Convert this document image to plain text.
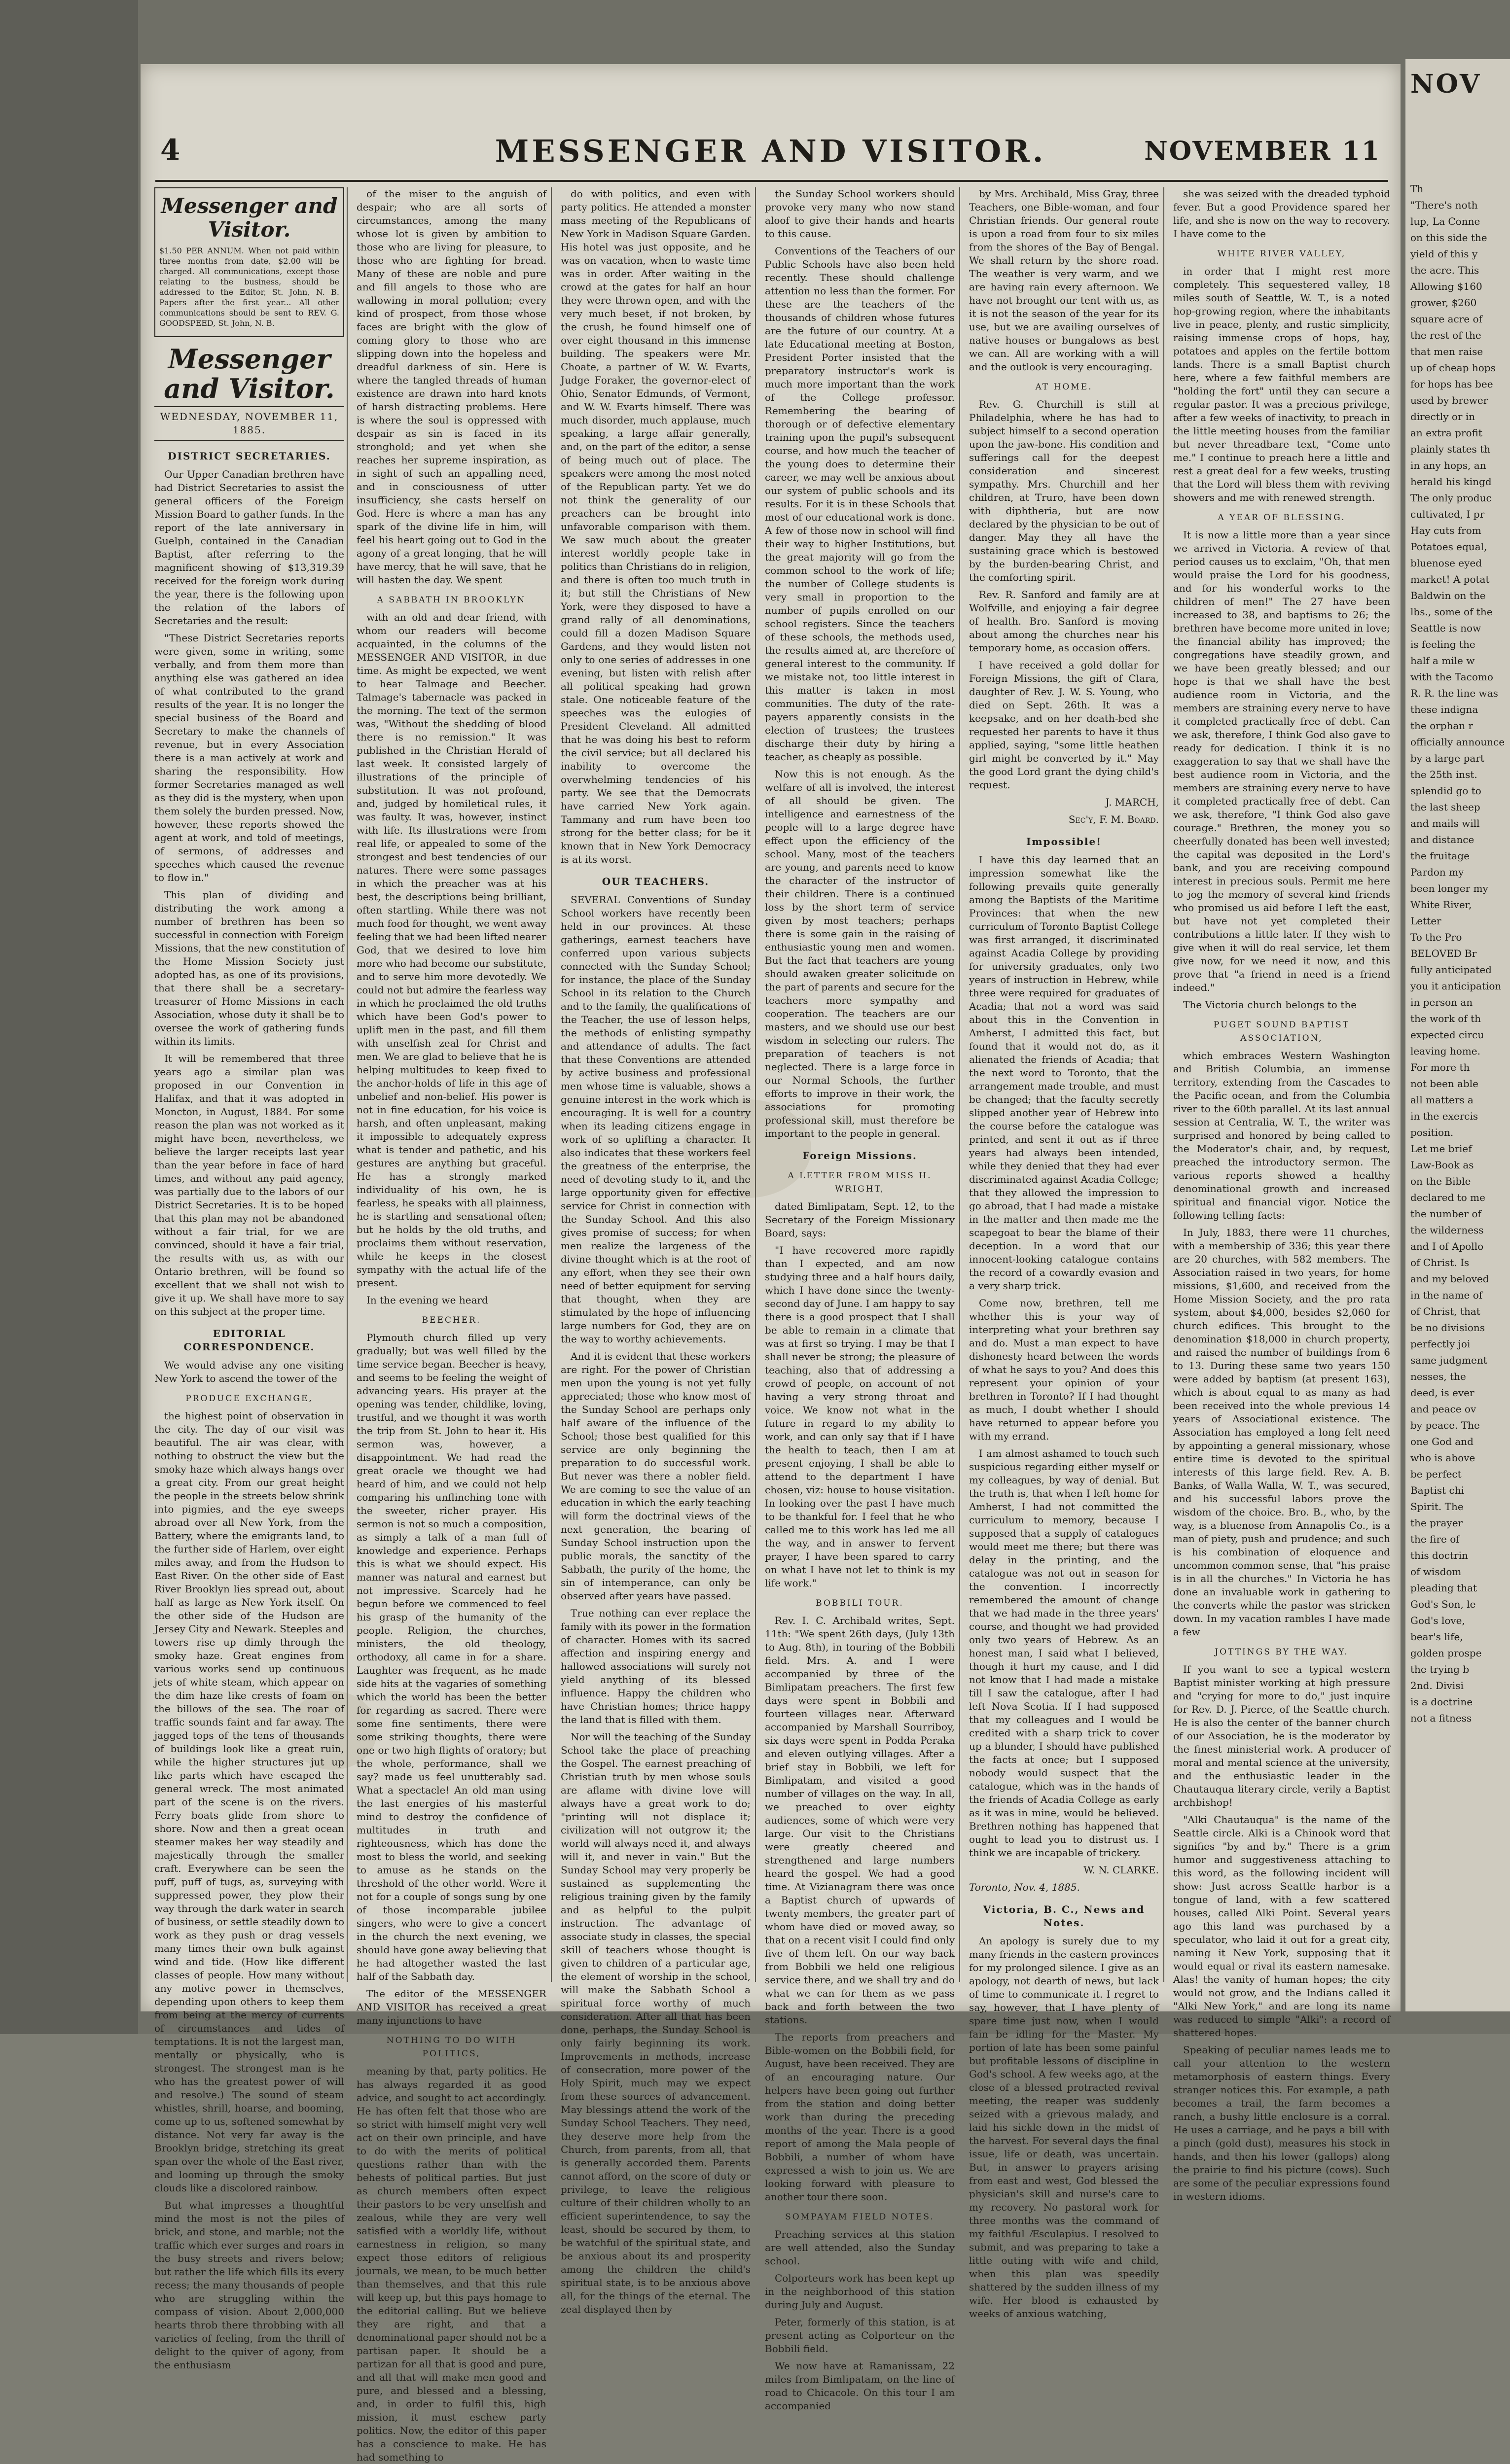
4	MESSENGER AND VISITOR.	NOVEMBER 11
Messenger and Visitor.

$1.50 PER ANNUM. When not paid within three months from date, $2.00 will be charged. All communications, except those relating to the business, should be addressed to the Editor, St. John, N. B. Papers after the first year... All other communications should be sent to REV. G. GOODSPEED, St. John, N. B.

Messenger and Visitor.
WEDNESDAY, NOVEMBER 11, 1885.
DISTRICT SECRETARIES.

Our Upper Canadian brethren have had District Secretaries to assist the general officers of the Foreign Mission Board to gather funds. In the report of the late anniversary in Guelph, contained in the Canadian Baptist, after referring to the magnificent showing of $13,319.39 received for the foreign work during the year, there is the following upon the relation of the labors of Secretaries and the result:

"These District Secretaries reports were given, some in writing, some verbally, and from them more than anything else was gathered an idea of what contributed to the grand results of the year. It is no longer the special business of the Board and Secretary to make the channels of revenue, but in every Association there is a man actively at work and sharing the responsibility. How former Secretaries managed as well as they did is the mystery, when upon them solely the burden pressed. Now, however, these reports showed the agent at work, and told of meetings, of sermons, of addresses and speeches which caused the revenue to flow in."

This plan of dividing and distributing the work among a number of brethren has been so successful in connection with Foreign Missions, that the new constitution of the Home Mission Society just adopted has, as one of its provisions, that there shall be a secretary-treasurer of Home Missions in each Association, whose duty it shall be to oversee the work of gathering funds within its limits.

It will be remembered that three years ago a similar plan was proposed in our Convention in Halifax, and that it was adopted in Moncton, in August, 1884. For some reason the plan was not worked as it might have been, nevertheless, we believe the larger receipts last year than the year before in face of hard times, and without any paid agency, was partially due to the labors of our District Secretaries. It is to be hoped that this plan may not be abandoned without a fair trial, for we are convinced, should it have a fair trial, the results with us, as with our Ontario brethren, will be found so excellent that we shall not wish to give it up. We shall have more to say on this subject at the proper time.

EDITORIAL CORRESPONDENCE.

We would advise any one visiting New York to ascend the tower of the

PRODUCE EXCHANGE,

the highest point of observation in the city. The day of our visit was beautiful. The air was clear, with nothing to obstruct the view but the smoky haze which always hangs over a great city. From our great height the people in the streets below shrink into pigmies, and the eye sweeps abroad over all New York, from the Battery, where the emigrants land, to the further side of Harlem, over eight miles away, and from the Hudson to East River. On the other side of East River Brooklyn lies spread out, about half as large as New York itself. On the other side of the Hudson are Jersey City and Newark. Steeples and towers rise up dimly through the smoky haze. Great engines from various works send up continuous jets of white steam, which appear on the dim haze like crests of foam on the billows of the sea. The roar of traffic sounds faint and far away. The jagged tops of the tens of thousands of buildings look like a great ruin, while the higher structures jut up like parts which have escaped the general wreck. The most animated part of the scene is on the rivers. Ferry boats glide from shore to shore. Now and then a great ocean steamer makes her way steadily and majestically through the smaller craft. Everywhere can be seen the puff, puff of tugs, as, surveying with suppressed power, they plow their way through the dark water in search of business, or settle steadily down to work as they push or drag vessels many times their own bulk against wind and tide. (How like different classes of people. How many without any motive power in themselves, depending upon others to keep them from being at the mercy of currents of circumstances and tides of temptations. It is not the largest man, mentally or physically, who is strongest. The strongest man is he who has the greatest power of will and resolve.) The sound of steam whistles, shrill, hoarse, and booming, come up to us, softened somewhat by distance. Not very far away is the Brooklyn bridge, stretching its great span over the whole of the East river, and looming up through the smoky clouds like a discolored rainbow.

But what impresses a thoughtful mind the most is not the piles of brick, and stone, and marble; not the traffic which ever surges and roars in the busy streets and rivers below; but rather the life which fills its every recess; the many thousands of people who are struggling within the compass of vision. About 2,000,000 hearts throb there throbbing with all varieties of feeling, from the thrill of delight to the quiver of agony, from the enthusiasm

of the miser to the anguish of despair; who are all sorts of circumstances, among the many whose lot is given by ambition to those who are living for pleasure, to those who are fighting for bread. Many of these are noble and pure and fill angels to those who are wallowing in moral pollution; every kind of prospect, from those whose faces are bright with the glow of coming glory to those who are slipping down into the hopeless and dreadful darkness of sin. Here is where the tangled threads of human existence are drawn into hard knots of harsh distracting problems. Here is where the soul is oppressed with despair as sin is faced in its stronghold; and yet when she reaches her supreme inspiration, as in sight of such an appalling need, and in consciousness of utter insufficiency, she casts herself on God. Here is where a man has any spark of the divine life in him, will feel his heart going out to God in the agony of a great longing, that he will have mercy, that he will save, that he will hasten the day. We spent

A SABBATH IN BROOKLYN

with an old and dear friend, with whom our readers will become acquainted, in the columns of the MESSENGER AND VISITOR, in due time. As might be expected, we went to hear Talmage and Beecher. Talmage's tabernacle was packed in the morning. The text of the sermon was, "Without the shedding of blood there is no remission." It was published in the Christian Herald of last week. It consisted largely of illustrations of the principle of substitution. It was not profound, and, judged by homiletical rules, it was faulty. It was, however, instinct with life. Its illustrations were from real life, or appealed to some of the strongest and best tendencies of our natures. There were some passages in which the preacher was at his best, the descriptions being brilliant, often startling. While there was not much food for thought, we went away feeling that we had been lifted nearer God, that we desired to love him more who had become our substitute, and to serve him more devotedly. We could not but admire the fearless way in which he proclaimed the old truths which have been God's power to uplift men in the past, and fill them with unselfish zeal for Christ and men. We are glad to believe that he is helping multitudes to keep fixed to the anchor-holds of life in this age of unbelief and non-belief. His power is not in fine education, for his voice is harsh, and often unpleasant, making it impossible to adequately express what is tender and pathetic, and his gestures are anything but graceful. He has a strongly marked individuality of his own, he is fearless, he speaks with all plainness, he is startling and sensational often; but he holds by the old truths, and proclaims them without reservation, while he keeps in the closest sympathy with the actual life of the present.

In the evening we heard

BEECHER.

Plymouth church filled up very gradually; but was well filled by the time service began. Beecher is heavy, and seems to be feeling the weight of advancing years. His prayer at the opening was tender, childlike, loving, trustful, and we thought it was worth the trip from St. John to hear it. His sermon was, however, a disappointment. We had read the great oracle we thought we had heard of him, and we could not help comparing his unflinching tone with the sweeter, richer prayer. His sermon is not so much a composition, as simply a talk of a man full of knowledge and experience. Perhaps this is what we should expect. His manner was natural and earnest but not impressive. Scarcely had he begun before we commenced to feel his grasp of the humanity of the people. Religion, the churches, ministers, the old theology, orthodoxy, all came in for a share. Laughter was frequent, as he made side hits at the vagaries of something which the world has been the better for regarding as sacred. There were some fine sentiments, there were some striking thoughts, there were one or two high flights of oratory; but the whole, performance, shall we say? made us feel unutterably sad. What a spectacle! An old man using the last energies of his masterful mind to destroy the confidence of multitudes in truth and righteousness, which has done the most to bless the world, and seeking to amuse as he stands on the threshold of the other world. Were it not for a couple of songs sung by one of those incomparable jubilee singers, who were to give a concert in the church the next evening, we should have gone away believing that he had altogether wasted the last half of the Sabbath day.

The editor of the MESSENGER AND VISITOR has received a great many injunctions to have

NOTHING TO DO WITH POLITICS,

meaning by that, party politics. He has always regarded it as good advice, and sought to act accordingly. He has often felt that those who are so strict with himself might very well act on their own principle, and have to do with the merits of political questions rather than with the behests of political parties. But just as church members often expect their pastors to be very unselfish and zealous, while they are very well satisfied with a worldly life, without earnestness in religion, so many expect those editors of religious journals, we mean, to be much better than themselves, and that this rule will keep up, but this pays homage to the editorial calling. But we believe they are right, and that a denominational paper should not be a partisan paper. It should be a partizan for all that is good and pure, and all that will make men good and pure, and blessed and a blessing, and, in order to fulfil this, high mission, it must eschew party politics. Now, the editor of this paper has a conscience to make. He has had something to

do with politics, and even with party politics. He attended a monster mass meeting of the Republicans of New York in Madison Square Garden. His hotel was just opposite, and he was on vacation, when to waste time was in order. After waiting in the crowd at the gates for half an hour they were thrown open, and with the very much beset, if not broken, by the crush, he found himself one of over eight thousand in this immense building. The speakers were Mr. Choate, a partner of W. W. Evarts, Judge Foraker, the governor-elect of Ohio, Senator Edmunds, of Vermont, and W. W. Evarts himself. There was much disorder, much applause, much speaking, a large affair generally, and, on the part of the editor, a sense of being much out of place. The speakers were among the most noted of the Republican party. Yet we do not think the generality of our preachers can be brought into unfavorable comparison with them. We saw much about the greater interest worldly people take in politics than Christians do in religion, and there is often too much truth in it; but still the Christians of New York, were they disposed to have a grand rally of all denominations, could fill a dozen Madison Square Gardens, and they would listen not only to one series of addresses in one evening, but listen with relish after all political speaking had grown stale. One noticeable feature of the speeches was the eulogies of President Cleveland. All admitted that he was doing his best to reform the civil service; but all declared his inability to overcome the overwhelming tendencies of his party. We see that the Democrats have carried New York again. Tammany and rum have been too strong for the better class; for be it known that in New York Democracy is at its worst.

OUR TEACHERS.

SEVERAL Conventions of Sunday School workers have recently been held in our provinces. At these gatherings, earnest teachers have conferred upon various subjects connected with the Sunday School; for instance, the place of the Sunday School in its relation to the Church and to the family, the qualifications of the Teacher, the use of lesson helps, the methods of enlisting sympathy and attendance of adults. The fact that these Conventions are attended by active business and professional men whose time is valuable, shows a genuine interest in the work which is encouraging. It is well for a country when its leading citizens engage in work of so uplifting a character. It also indicates that these workers feel the greatness of the enterprise, the need of devoting study to it, and the large opportunity given for effective service for Christ in connection with the Sunday School. And this also gives promise of success; for when men realize the largeness of the divine thought which is at the root of any effort, when they see their own need of better equipment for serving that thought, when they are stimulated by the hope of influencing large numbers for God, they are on the way to worthy achievements.

And it is evident that these workers are right. For the power of Christian men upon the young is not yet fully appreciated; those who know most of the Sunday School are perhaps only half aware of the influence of the School; those best qualified for this service are only beginning the preparation to do successful work. But never was there a nobler field. We are coming to see the value of an education in which the early teaching will form the doctrinal views of the next generation, the bearing of Sunday School instruction upon the public morals, the sanctity of the Sabbath, the purity of the home, the sin of intemperance, can only be observed after years have passed.

True nothing can ever replace the family with its power in the formation of character. Homes with its sacred affection and inspiring energy and hallowed associations will surely not yield anything of its blessed influence. Happy the children who have Christian homes; thrice happy the land that is filled with them.

Nor will the teaching of the Sunday School take the place of preaching the Gospel. The earnest preaching of Christian truth by men whose souls are aflame with divine love will always have a great work to do; "printing will not displace it; civilization will not outgrow it; the world will always need it, and always will it, and never in vain." But the Sunday School may very properly be sustained as supplementing the religious training given by the family and as helpful to the pulpit instruction. The advantage of associate study in classes, the special skill of teachers whose thought is given to children of a particular age, the element of worship in the school, will make the Sabbath School a spiritual force worthy of much consideration. After all that has been done, perhaps, the Sunday School is only fairly beginning its work. Improvements in methods, increase of consecration, more power of the Holy Spirit, much may we expect from these sources of advancement. May blessings attend the work of the Sunday School Teachers. They need, they deserve more help from the Church, from parents, from all, that is generally accorded them. Parents cannot afford, on the score of duty or privilege, to leave the religious culture of their children wholly to an efficient superintendence, to say the least, should be secured by them, to be watchful of the spiritual state, and be anxious about its and prosperity among the children the child's spiritual state, is to be anxious above all, for the things of the eternal. The zeal displayed then by

the Sunday School workers should provoke very many who now stand aloof to give their hands and hearts to this cause.

Conventions of the Teachers of our Public Schools have also been held recently. These should challenge attention no less than the former. For these are the teachers of the thousands of children whose futures are the future of our country. At a late Educational meeting at Boston, President Porter insisted that the preparatory instructor's work is much more important than the work of the College professor. Remembering the bearing of thorough or of defective elementary training upon the pupil's subsequent course, and how much the teacher of the young does to determine their career, we may well be anxious about our system of public schools and its results. For it is in these Schools that most of our educational work is done. A few of those now in school will find their way to higher Institutions, but the great majority will go from the common school to the work of life; the number of College students is very small in proportion to the number of pupils enrolled on our school registers. Since the teachers of these schools, the methods used, the results aimed at, are therefore of general interest to the community. If we mistake not, too little interest in this matter is taken in most communities. The duty of the rate-payers apparently consists in the election of trustees; the trustees discharge their duty by hiring a teacher, as cheaply as possible.

Now this is not enough. As the welfare of all is involved, the interest of all should be given. The intelligence and earnestness of the people will to a large degree have effect upon the efficiency of the school. Many, most of the teachers are young, and parents need to know the character of the instructor of their children. There is a continued loss by the short term of service given by most teachers; perhaps there is some gain in the raising of enthusiastic young men and women. But the fact that teachers are young should awaken greater solicitude on the part of parents and secure for the teachers more sympathy and cooperation. The teachers are our masters, and we should use our best wisdom in selecting our rulers. The preparation of teachers is not neglected. There is a large force in our Normal Schools, the further efforts to improve in their work, the associations for promoting professional skill, must therefore be important to the people in general.

Foreign Missions.
A LETTER FROM MISS H. WRIGHT,

dated Bimlipatam, Sept. 12, to the Secretary of the Foreign Missionary Board, says:

"I have recovered more rapidly than I expected, and am now studying three and a half hours daily, which I have done since the twenty-second day of June. I am happy to say there is a good prospect that I shall be able to remain in a climate that was at first so trying. I may be that I shall never be strong; the pleasure of teaching, also that of addressing a crowd of people, on account of not having a very strong throat and voice. We know not what in the future in regard to my ability to work, and can only say that if I have the health to teach, then I am at present enjoying, I shall be able to attend to the department I have chosen, viz: house to house visitation. In looking over the past I have much to be thankful for. I feel that he who called me to this work has led me all the way, and in answer to fervent prayer, I have been spared to carry on what I have not let to think is my life work."

BOBBILI TOUR.

Rev. I. C. Archibald writes, Sept. 11th: "We spent 26th days, (July 13th to Aug. 8th), in touring of the Bobbili field. Mrs. A. and I were accompanied by three of the Bimlipatam preachers. The first few days were spent in Bobbili and fourteen villages near. Afterward accompanied by Marshall Sourriboy, six days were spent in Podda Peraka and eleven outlying villages. After a brief stay in Bobbili, we left for Bimlipatam, and visited a good number of villages on the way. In all, we preached to over eighty audiences, some of which were very large. Our visit to the Christians were greatly cheered and strengthened and large numbers heard the gospel. We had a good time. At Vizianagram there was once a Baptist church of upwards of twenty members, the greater part of whom have died or moved away, so that on a recent visit I could find only five of them left. On our way back from Bobbili we held one religious service there, and we shall try and do what we can for them as we pass back and forth between the two stations.

The reports from preachers and Bible-women on the Bobbili field, for August, have been received. They are of an encouraging nature. Our helpers have been going out further from the station and doing better work than during the preceding months of the year. There is a good report of among the Mala people of Bobbili, a number of whom have expressed a wish to join us. We are looking forward with pleasure to another tour there soon.

SOMPAYAM FIELD NOTES.

Preaching services at this station are well attended, also the Sunday school.

Colporteurs work has been kept up in the neighborhood of this station during July and August.

Peter, formerly of this station, is at present acting as Colporteur on the Bobbili field.

We now have at Ramanissam, 22 miles from Bimlipatam, on the line of road to Chicacole. On this tour I am accompanied

by Mrs. Archibald, Miss Gray, three Teachers, one Bible-woman, and four Christian friends. Our general route is upon a road from four to six miles from the shores of the Bay of Bengal. We shall return by the shore road. The weather is very warm, and we are having rain every afternoon. We have not brought our tent with us, as it is not the season of the year for its use, but we are availing ourselves of native houses or bungalows as best we can. All are working with a will and the outlook is very encouraging.

AT HOME.

Rev. G. Churchill is still at Philadelphia, where he has had to subject himself to a second operation upon the jaw-bone. His condition and sufferings call for the deepest consideration and sincerest sympathy. Mrs. Churchill and her children, at Truro, have been down with diphtheria, but are now declared by the physician to be out of danger. May they all have the sustaining grace which is bestowed by the burden-bearing Christ, and the comforting spirit.

Rev. R. Sanford and family are at Wolfville, and enjoying a fair degree of health. Bro. Sanford is moving about among the churches near his temporary home, as occasion offers.

I have received a gold dollar for Foreign Missions, the gift of Clara, daughter of Rev. J. W. S. Young, who died on Sept. 26th. It was a keepsake, and on her death-bed she requested her parents to have it thus applied, saying, "some little heathen girl might be converted by it." May the good Lord grant the dying child's request.

J. MARCH,

Sec'y, F. M. Board.

Impossible!

I have this day learned that an impression somewhat like the following prevails quite generally among the Baptists of the Maritime Provinces: that when the new curriculum of Toronto Baptist College was first arranged, it discriminated against Acadia College by providing for university graduates, only two years of instruction in Hebrew, while three were required for graduates of Acadia; that not a word was said about this in the Convention in Amherst, I admitted this fact, but found that it would not do, as it alienated the friends of Acadia; that the next word to Toronto, that the arrangement made trouble, and must be changed; that the faculty secretly slipped another year of Hebrew into the course before the catalogue was printed, and sent it out as if three years had always been intended, while they denied that they had ever discriminated against Acadia College; that they allowed the impression to go abroad, that I had made a mistake in the matter and then made me the scapegoat to bear the blame of their deception. In a word that our innocent-looking catalogue contains the record of a cowardly evasion and a very sharp trick.

Come now, brethren, tell me whether this is your way of interpreting what your brethren say and do. Must a man expect to have dishonesty heard between the words of what he says to you? And does this represent your opinion of your brethren in Toronto? If I had thought as much, I doubt whether I should have returned to appear before you with my errand.

I am almost ashamed to touch such suspicious regarding either myself or my colleagues, by way of denial. But the truth is, that when I left home for Amherst, I had not committed the curriculum to memory, because I supposed that a supply of catalogues would meet me there; but there was delay in the printing, and the catalogue was not out in season for the convention. I incorrectly remembered the amount of change that we had made in the three years' course, and thought we had provided only two years of Hebrew. As an honest man, I said what I believed, though it hurt my cause, and I did not know that I had made a mistake till I saw the catalogue, after I had left Nova Scotia. If I had supposed that my colleagues and I would be credited with a sharp trick to cover up a blunder, I should have published the facts at once; but I supposed nobody would suspect that the catalogue, which was in the hands of the friends of Acadia College as early as it was in mine, would be believed. Brethren nothing has happened that ought to lead you to distrust us. I think we are incapable of trickery.

W. N. CLARKE.

Toronto, Nov. 4, 1885.

Victoria, B. C., News and Notes.

An apology is surely due to my many friends in the eastern provinces for my prolonged silence. I give as an apology, not dearth of news, but lack of time to communicate it. I regret to say, however, that I have plenty of spare time just now, when I would fain be idling for the Master. My portion of late has been some painful but profitable lessons of discipline in God's school. A few weeks ago, at the close of a blessed protracted revival meeting, the reaper was suddenly seized with a grievous malady, and laid his sickle down in the midst of the harvest. For several days the final issue, life or death, was uncertain. But, in answer to prayers arising from east and west, God blessed the physician's skill and nurse's care to my recovery. No pastoral work for three months was the command of my faithful Æsculapius. I resolved to submit, and was preparing to take a little outing with wife and child, when this plan was speedily shattered by the sudden illness of my wife. Her blood is exhausted by weeks of anxious watching,

she was seized with the dreaded typhoid fever. But a good Providence spared her life, and she is now on the way to recovery. I have come to the

WHITE RIVER VALLEY,

in order that I might rest more completely. This sequestered valley, 18 miles south of Seattle, W. T., is a noted hop-growing region, where the inhabitants live in peace, plenty, and rustic simplicity, raising immense crops of hops, hay, potatoes and apples on the fertile bottom lands. There is a small Baptist church here, where a few faithful members are "holding the fort" until they can secure a regular pastor. It was a precious privilege, after a few weeks of inactivity, to preach in the little meeting houses from the familiar but never threadbare text, "Come unto me." I continue to preach here a little and rest a great deal for a few weeks, trusting that the Lord will bless them with reviving showers and me with renewed strength.

A YEAR OF BLESSING.

It is now a little more than a year since we arrived in Victoria. A review of that period causes us to exclaim, "Oh, that men would praise the Lord for his goodness, and for his wonderful works to the children of men!" The 27 have been increased to 38, and baptisms to 26; the brethren have become more united in love; the financial ability has improved; the congregations have steadily grown, and we have been greatly blessed; and our hope is that we shall have the best audience room in Victoria, and the members are straining every nerve to have it completed practically free of debt. Can we ask, therefore, I think God also gave to ready for dedication. I think it is no exaggeration to say that we shall have the best audience room in Victoria, and the members are straining every nerve to have it completed practically free of debt. Can we ask, therefore, "I think God also gave courage." Brethren, the money you so cheerfully donated has been well invested; the capital was deposited in the Lord's bank, and you are receiving compound interest in precious souls. Permit me here to jog the memory of several kind friends who promised us aid before I left the east, but have not yet completed their contributions a little later. If they wish to give when it will do real service, let them give now, for we need it now, and this prove that "a friend in need is a friend indeed."

The Victoria church belongs to the

PUGET SOUND BAPTIST ASSOCIATION,

which embraces Western Washington and British Columbia, an immense territory, extending from the Cascades to the Pacific ocean, and from the Columbia river to the 60th parallel. At its last annual session at Centralia, W. T., the writer was surprised and honored by being called to the Moderator's chair, and, by request, preached the introductory sermon. The various reports showed a healthy denominational growth and increased spiritual and financial vigor. Notice the following telling facts:

In July, 1883, there were 11 churches, with a membership of 336; this year there are 20 churches, with 582 members. The Association raised in two years, for home missions, $1,600, and received from the Home Mission Society, and the pro rata system, about $4,000, besides $2,060 for church edifices. This brought to the denomination $18,000 in church property, and raised the number of buildings from 6 to 13. During these same two years 150 were added by baptism (at present 163), which is about equal to as many as had been received into the whole previous 14 years of Associational existence. The Association has employed a long felt need by appointing a general missionary, whose entire time is devoted to the spiritual interests of this large field. Rev. A. B. Banks, of Walla Walla, W. T., was secured, and his successful labors prove the wisdom of the choice. Bro. B., who, by the way, is a bluenose from Annapolis Co., is a man of piety, push and prudence; and such is his combination of eloquence and uncommon common sense, that "his praise is in all the churches." In Victoria he has done an invaluable work in gathering to the converts while the pastor was stricken down. In my vacation rambles I have made a few

JOTTINGS BY THE WAY.

If you want to see a typical western Baptist minister working at high pressure and "crying for more to do," just inquire for Rev. D. J. Pierce, of the Seattle church. He is also the center of the banner church of our Association, he is the moderator by the finest ministerial work. A producer of moral and mental science at the university, and the enthusiastic leader in the Chautauqua literary circle, verily a Baptist archbishop!

"Alki Chautauqua" is the name of the Seattle circle. Alki is a Chinook word that signifies "by and by." There is a grim humor and suggestiveness attaching to this word, as the following incident will show: Just across Seattle harbor is a tongue of land, with a few scattered houses, called Alki Point. Several years ago this land was purchased by a speculator, who laid it out for a great city, naming it New York, supposing that it would equal or rival its eastern namesake. Alas! the vanity of human hopes; the city would not grow, and the Indians called it "Alki New York," and are long its name was reduced to simple "Alki": a record of shattered hopes.

Speaking of peculiar names leads me to call your attention to the western metamorphosis of eastern things. Every stranger notices this. For example, a path becomes a trail, the farm becomes a ranch, a bushy little enclosure is a corral. He uses a carriage, and he pays a bill with a pinch (gold dust), measures his stock in hands, and then his lower (gallops) along the prairie to find his picture (cows). Such are some of the peculiar expressions found in western idioms.

NOV

Th

"There's noth

lup, La Conne

on this side the

yield of this y

the acre. This

Allowing $160

grower, $260

square acre of

the rest of the

that men raise

up of cheap hops

for hops has bee

used by brewer

directly or in

an extra profit

plainly states th

in any hops, an

herald his kingd

The only produc

cultivated, I pr

Hay cuts from

Potatoes equal,

bluenose eyed

market! A potat

Baldwin on the

lbs., some of the

Seattle is now

is feeling the

half a mile w

with the Tacomo

R. R. the line was

these indigna

the orphan r

officially announce

by a large part

the 25th inst.

splendid go to

the last sheep

and mails will

and distance

the fruitage

Pardon my

been longer my

White River,

Letter

To the Pro

BELOVED Br

fully anticipated

you it anticipation

in person an

the work of th

expected circu

leaving home.

For more th

not been able

all matters a

in the exercis

position.

Let me brief

Law-Book as

on the Bible

declared to me

the number of

the wilderness

and I of Apollo

of Christ. Is

and my beloved

in the name of

of Christ, that

be no divisions

perfectly joi

same judgment

nesses, the

deed, is ever

and peace ov

by peace. The

one God and

who is above

be perfect

Baptist chi

Spirit. The

the prayer

the fire of

this doctrin

of wisdom

pleading that

God's Son, le

God's love,

bear's life,

golden prospe

the trying b

2nd. Divisi

is a doctrine

not a fitness
